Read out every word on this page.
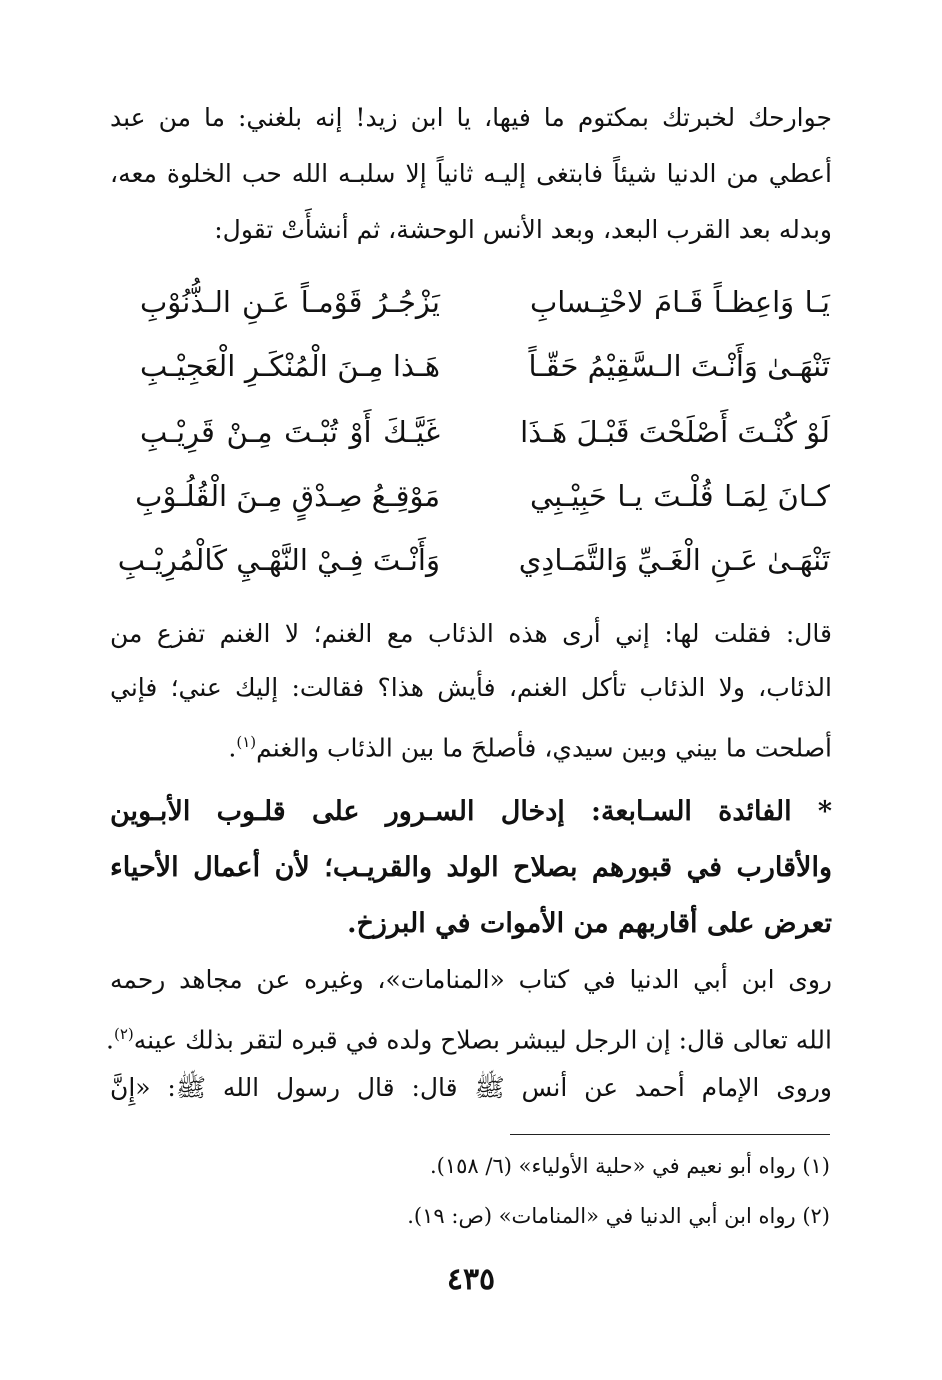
جوارحك لخبرتك بمكتوم ما فيها، يا ابن زيد! إنه بلغني: ما من عبد
أعطي من الدنيا شيئاً فابتغى إليـه ثانياً إلا سلبـه الله حب الخلوة معه،
وبدله بعد القرب البعد، وبعد الأنس الوحشة، ثم أنشأَتْ تقول:
يَـا وَاعِظـاً قَـامَ لاحْتِـسابِ
يَزْجُـرُ قَوْمـاً عَـنِ الـذُّنُوْبِ
تَنْهَـىٰ وَأَنْـتَ الـسَّقِيْمُ حَقّـاً
هَـذا مِـنَ الْمُنْكَـرِ الْعَجِيْـبِ
لَوْ كُنْـتَ أَصْلَحْتَ قَبْـلَ هَـذَا
غَيَّـكَ أَوْ تُبْـتَ مِـنْ قَرِيْـبِ
كـانَ لِمَـا قُلْـتَ يـا حَبِيْـبِي
مَوْقِـعُ صِـدْقٍ مِـنَ الْقُلُـوْبِ
تَنْهَـىٰ عَـنِ الْغَـيِّ وَالتَّمَـادِي
وَأَنْـتَ فِـيْ النَّهْـيِ كَالْمُرِيْـبِ
قال: فقلت لها: إني أرى هذه الذئاب مع الغنم؛ لا الغنم تفزع من
الذئاب، ولا الذئاب تأكل الغنم، فأيش هذا؟ فقالت: إليك عني؛ فإني
أصلحت ما بيني وبين سيدي، فأصلحَ ما بين الذئاب والغنم$^{(١)}$.
* الفائدة السـابعة: إدخال السـرور على قلـوب الأبـوين
والأقارب في قبورهم بصلاح الولد والقريـب؛ لأن أعمال الأحياء
تعرض على أقاربهم من الأموات في البرزخ.
روى ابن أبي الدنيا في كتاب «المنامات»، وغيره عن مجاهد رحمه
الله تعالى قال: إن الرجل ليبشر بصلاح ولده في قبره لتقر بذلك عينه$^{(٢)}$.
وروى الإمام أحمد عن أنس ﷺ قال: قال رسول الله ﷺ: «إِنَّ
(١) رواه أبو نعيم في «حلية الأولياء» (٦/ ١٥٨).
(٢) رواه ابن أبي الدنيا في «المنامات» (ص: ١٩).
٤٣٥
